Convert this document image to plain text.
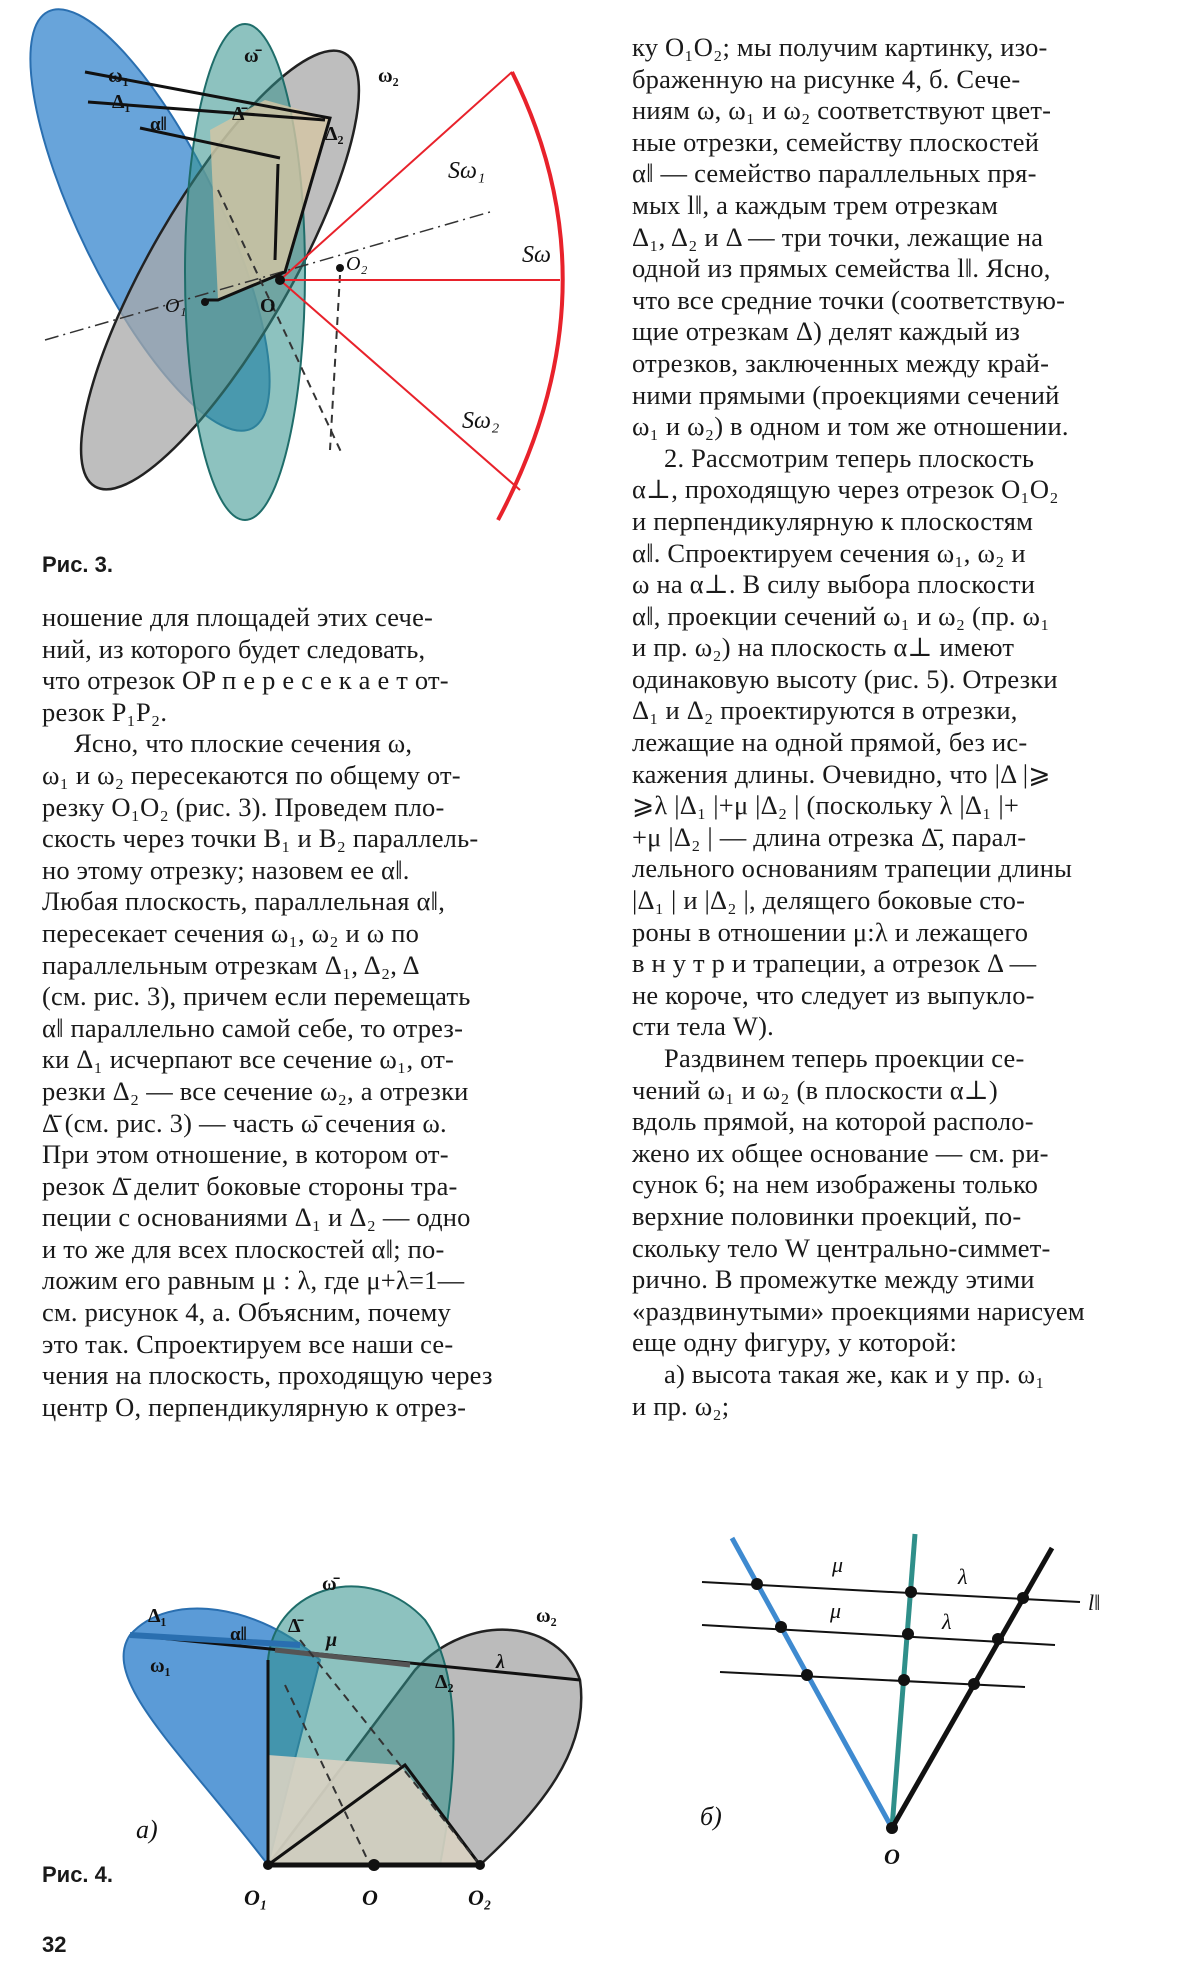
ω₁
Δ₁
α‖
ω̄
Δ̄
ω₂
Δ₂
Sω₁
Sω
Sω₂
O
O₁
O₂
Рис. 3.
ку O₁O₂; мы получим картинку, изо-
браженную на рисунке 4, б. Сече-
ниям ω, ω₁ и ω₂ соответствуют цвет-
ные отрезки, семейству плоскостей
α‖ — семейство параллельных пря-
мых l‖, а каждым трем отрезкам
Δ₁, Δ₂ и Δ — три точки, лежащие на
одной из прямых семейства l‖. Ясно,
что все средние точки (соответствую-
щие отрезкам Δ) делят каждый из
отрезков, заключенных между край-
ними прямыми (проекциями сечений
ω₁ и ω₂) в одном и том же отношении.
2. Рассмотрим теперь плоскость
α⊥, проходящую через отрезок O₁O₂
и перпендикулярную к плоскостям
α‖. Спроектируем сечения ω₁, ω₂ и
ω на α⊥. В силу выбора плоскости
α‖, проекции сечений ω₁ и ω₂ (пр. ω₁
и пр. ω₂) на плоскость α⊥ имеют
одинаковую высоту (рис. 5). Отрезки
Δ₁ и Δ₂ проектируются в отрезки,
лежащие на одной прямой, без ис-
кажения длины. Очевидно, что |Δ |⩾
⩾λ |Δ₁ |+μ |Δ₂ | (поскольку λ |Δ₁ |+
+μ |Δ₂ | — длина отрезка Δ̄, парал-
лельного основаниям трапеции длины
|Δ₁ | и |Δ₂ |, делящего боковые сто-
роны в отношении μ:λ и лежащего
в н у т р и трапеции, а отрезок Δ —
не короче, что следует из выпукло-
сти тела W).
Раздвинем теперь проекции се-
чений ω₁ и ω₂ (в плоскости α⊥)
вдоль прямой, на которой располо-
жено их общее основание — см. ри-
сунок 6; на нем изображены только
верхние половинки проекций, по-
скольку тело W центрально-симмет-
рично. В промежутке между этими
«раздвинутыми» проекциями нарисуем
еще одну фигуру, у которой:
а) высота такая же, как и у пр. ω₁
и пр. ω₂;
ношение для площадей этих сече-
ний, из которого будет следовать,
что отрезок OP п е р е с е к а е т от-
резок P₁P₂.
Ясно, что плоские сечения ω,
ω₁ и ω₂ пересекаются по общему от-
резку O₁O₂ (рис. 3). Проведем пло-
скость через точки B₁ и B₂ параллель-
но этому отрезку; назовем ее α‖.
Любая плоскость, параллельная α‖,
пересекает сечения ω₁, ω₂ и ω по
параллельным отрезкам Δ₁, Δ₂, Δ
(см. рис. 3), причем если перемещать
α‖ параллельно самой себе, то отрез-
ки Δ₁ исчерпают все сечение ω₁, от-
резки Δ₂ — все сечение ω₂, а отрезки
Δ̄ (см. рис. 3) — часть ω̄ сечения ω.
При этом отношение, в котором от-
резок Δ̄ делит боковые стороны тра-
пеции с основаниями Δ₁ и Δ₂ — одно
и то же для всех плоскостей α‖; по-
ложим его равным μ : λ, где μ+λ=1—
см. рисунок 4, а. Объясним, почему
это так. Спроектируем все наши се-
чения на плоскость, проходящую через
центр O, перпендикулярную к отрез-
Δ₁
ω₁
α‖
ω̄
Δ̄
μ
λ
ω₂
Δ₂
а)
O₁	O	O₂
Рис. 4.
μ	λ
μ	λ
l‖
б)
O
32
